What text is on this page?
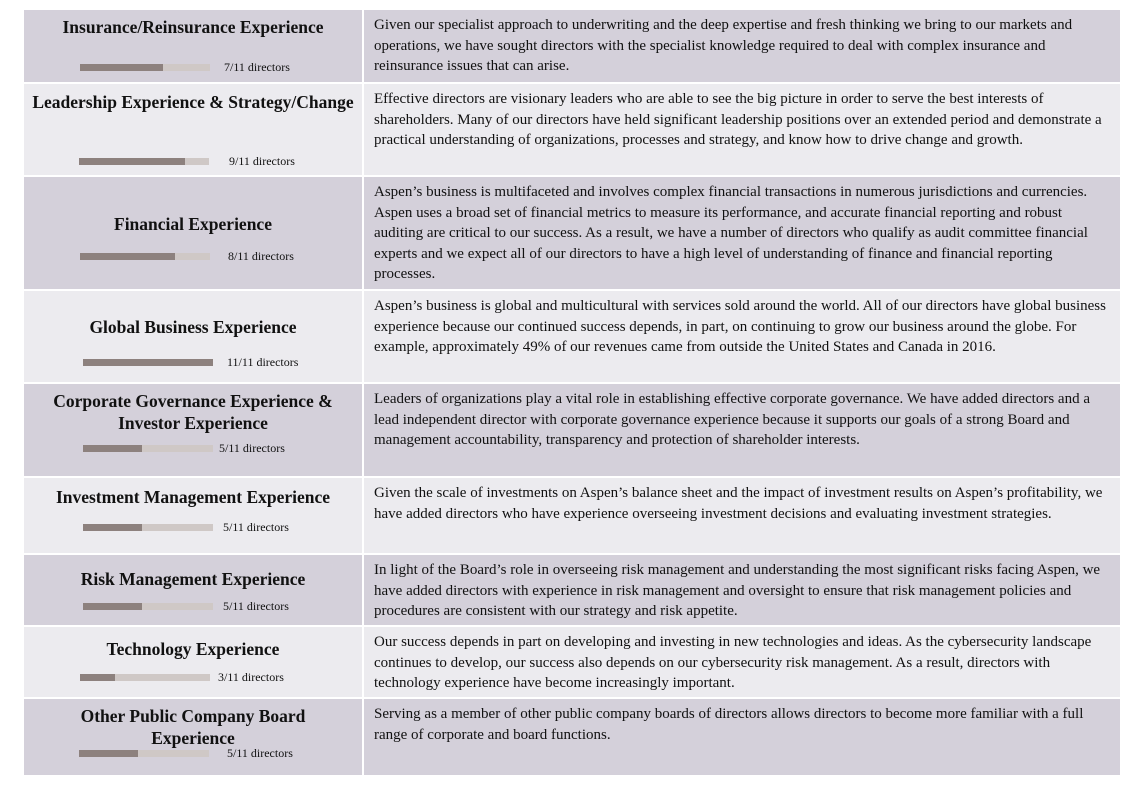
Insurance/Reinsurance Experience
7/11 directors
Given our specialist approach to underwriting and the deep expertise and fresh thinking we bring to our markets and operations, we have sought directors with the specialist knowledge required to deal with complex insurance and reinsurance issues that can arise.
Leadership Experience & Strategy/Change
9/11 directors
Effective directors are visionary leaders who are able to see the big picture in order to serve the best interests of shareholders. Many of our directors have held significant leadership positions over an extended period and demonstrate a practical understanding of organizations, processes and strategy, and know how to drive change and growth.
Financial Experience
8/11 directors
Aspen’s business is multifaceted and involves complex financial transactions in numerous jurisdictions and currencies. Aspen uses a broad set of financial metrics to measure its performance, and accurate financial reporting and robust auditing are critical to our success. As a result, we have a number of directors who qualify as audit committee financial experts and we expect all of our directors to have a high level of understanding of finance and financial reporting processes.
Global Business Experience
11/11 directors
Aspen’s business is global and multicultural with services sold around the world. All of our directors have global business experience because our continued success depends, in part, on continuing to grow our business around the globe. For example, approximately 49% of our revenues came from outside the United States and Canada in 2016.
Corporate Governance Experience & Investor Experience
5/11 directors
Leaders of organizations play a vital role in establishing effective corporate governance. We have added directors and a lead independent director with corporate governance experience because it supports our goals of a strong Board and management accountability, transparency and protection of shareholder interests.
Investment Management Experience
5/11 directors
Given the scale of investments on Aspen’s balance sheet and the impact of investment results on Aspen’s profitability, we have added directors who have experience overseeing investment decisions and evaluating investment strategies.
Risk Management Experience
5/11 directors
In light of the Board’s role in overseeing risk management and understanding the most significant risks facing Aspen, we have added directors with experience in risk management and oversight to ensure that risk management policies and procedures are consistent with our strategy and risk appetite.
Technology Experience
3/11 directors
Our success depends in part on developing and investing in new technologies and ideas. As the cybersecurity landscape continues to develop, our success also depends on our cybersecurity risk management. As a result, directors with technology experience have become increasingly important.
Other Public Company Board Experience
5/11 directors
Serving as a member of other public company boards of directors allows directors to become more familiar with a full range of corporate and board functions.
